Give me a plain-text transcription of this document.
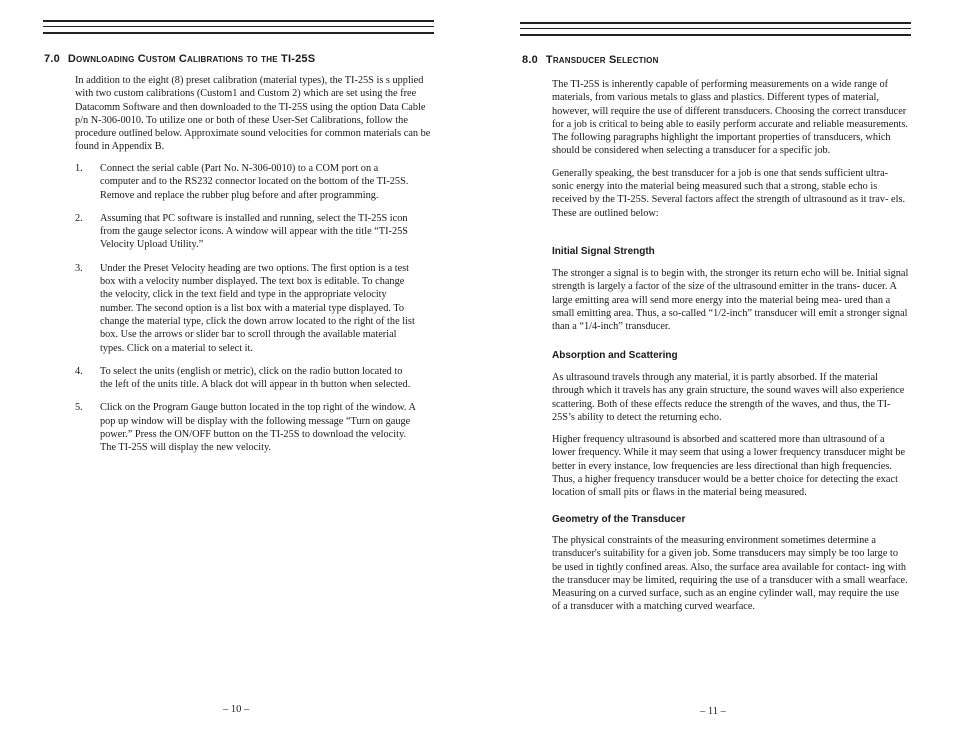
7.0 Downloading Custom Calibrations to the TI-25S

In addition to the eight (8) preset calibration (material types), the TI-25S is s upplied with two custom calibrations (Custom1 and Custom 2) which are set using the free Datacomm Software and then downloaded to the TI-25S using the option Data Cable p/n N-306-0010. To utilize one or both of these User-Set Calibrations, follow the procedure outlined below. Approximate sound velocities for common materials can be found in Appendix B.

1. Connect the serial cable (Part No. N-306-0010) to a COM port on a computer and to the RS232 connector located on the bottom of the TI-25S. Remove and replace the rubber plug before and after programming.
2. Assuming that PC software is installed and running, select the TI-25S icon from the gauge selector icons. A window will appear with the title “TI-25S Velocity Upload Utility.”
3. Under the Preset Velocity heading are two options. The first option is a test box with a velocity number displayed. The text box is editable. To change the velocity, click in the text field and type in the appropriate velocity number. The second option is a list box with a material type displayed. To change the material type, click the down arrow located to the right of the list box. Use the arrows or slider bar to scroll through the available material types. Click on a material to select it.
4. To select the units (english or metric), click on the radio button located to the left of the units title. A black dot will appear in th button when selected.
5. Click on the Program Gauge button located in the top right of the window. A pop up window will be display with the following message “Turn on gauge power.” Press the ON/OFF button on the TI-25S to download the velocity. The TI-25S will display the new velocity.
– 10 –
8.0 Transducer Selection

The TI-25S is inherently capable of performing measurements on a wide range of materials, from various metals to glass and plastics. Different types of material, however, will require the use of different transducers. Choosing the correct transducer for a job is critical to being able to easily perform accurate and reliable measurements. The following paragraphs highlight the important properties of transducers, which should be considered when selecting a transducer for a specific job.

Generally speaking, the best transducer for a job is one that sends sufficient ultra- sonic energy into the material being measured such that a strong, stable echo is received by the TI-25S. Several factors affect the strength of ultrasound as it trav- els. These are outlined below:

Initial Signal Strength

The stronger a signal is to begin with, the stronger its return echo will be. Initial signal strength is largely a factor of the size of the ultrasound emitter in the trans- ducer. A large emitting area will send more energy into the material being mea- ured than a small emitting area. Thus, a so-called “1/2-inch” transducer will emit a stronger signal than a “1/4-inch” transducer.

Absorption and Scattering

As ultrasound travels through any material, it is partly absorbed. If the material through which it travels has any grain structure, the sound waves will also experience scattering. Both of these effects reduce the strength of the waves, and thus, the TI-25S’s ability to detect the returning echo.

Higher frequency ultrasound is absorbed and scattered more than ultrasound of a lower frequency. While it may seem that using a lower frequency transducer might be better in every instance, low frequencies are less directional than high frequencies. Thus, a higher frequency transducer would be a better choice for detecting the exact location of small pits or flaws in the material being measured.

Geometry of the Transducer

The physical constraints of the measuring environment sometimes determine a transducer's suitability for a given job. Some transducers may simply be too large to be used in tightly confined areas. Also, the surface area available for contact- ing with the transducer may be limited, requiring the use of a transducer with a small wearface. Measuring on a curved surface, such as an engine cylinder wall, may require the use of a transducer with a matching curved wearface.

– 11 –
